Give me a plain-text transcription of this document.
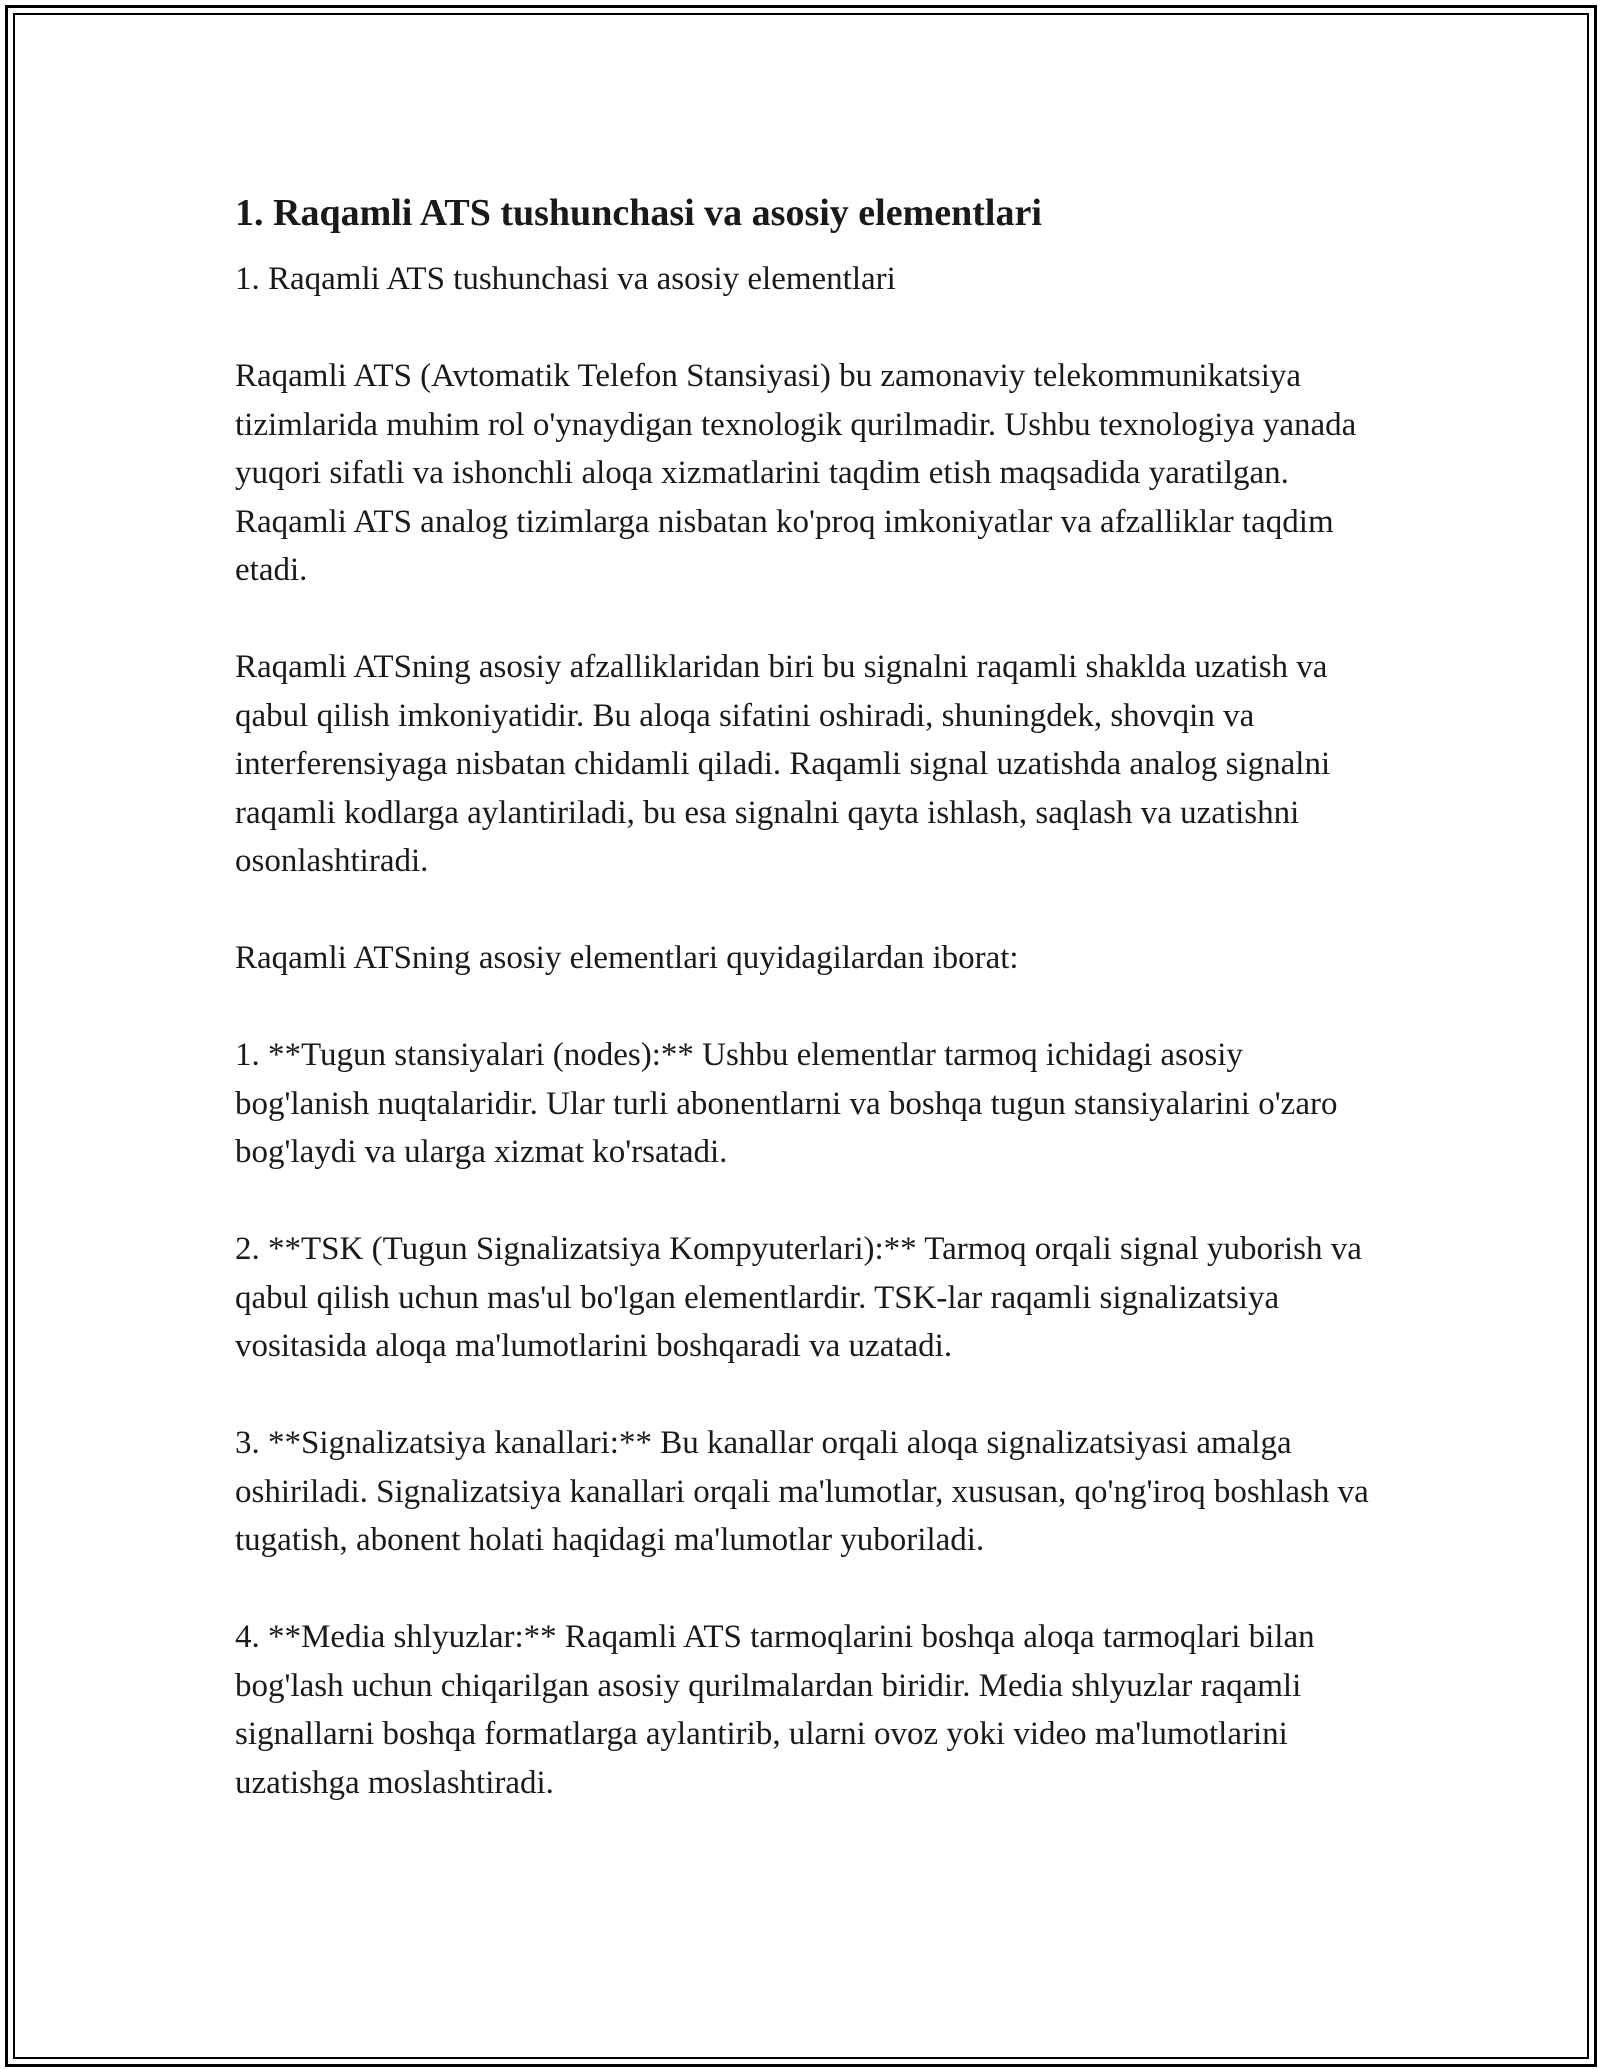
1. Raqamli ATS tushunchasi va asosiy elementlari

1. Raqamli ATS tushunchasi va asosiy elementlari

Raqamli ATS (Avtomatik Telefon Stansiyasi) bu zamonaviy telekommunikatsiya tizimlarida muhim rol o'ynaydigan texnologik qurilmadir. Ushbu texnologiya yanada yuqori sifatli va ishonchli aloqa xizmatlarini taqdim etish maqsadida yaratilgan. Raqamli ATS analog tizimlarga nisbatan ko'proq imkoniyatlar va afzalliklar taqdim etadi.

Raqamli ATSning asosiy afzalliklaridan biri bu signalni raqamli shaklda uzatish va qabul qilish imkoniyatidir. Bu aloqa sifatini oshiradi, shuningdek, shovqin va interferensiyaga nisbatan chidamli qiladi. Raqamli signal uzatishda analog signalni raqamli kodlarga aylantiriladi, bu esa signalni qayta ishlash, saqlash va uzatishni osonlashtiradi.

Raqamli ATSning asosiy elementlari quyidagilardan iborat:

1. **Tugun stansiyalari (nodes):** Ushbu elementlar tarmoq ichidagi asosiy bog'lanish nuqtalaridir. Ular turli abonentlarni va boshqa tugun stansiyalarini o'zaro bog'laydi va ularga xizmat ko'rsatadi.

2. **TSK (Tugun Signalizatsiya Kompyuterlari):** Tarmoq orqali signal yuborish va qabul qilish uchun mas'ul bo'lgan elementlardir. TSK-lar raqamli signalizatsiya vositasida aloqa ma'lumotlarini boshqaradi va uzatadi.

3. **Signalizatsiya kanallari:** Bu kanallar orqali aloqa signalizatsiyasi amalga oshiriladi. Signalizatsiya kanallari orqali ma'lumotlar, xususan, qo'ng'iroq boshlash va tugatish, abonent holati haqidagi ma'lumotlar yuboriladi.

4. **Media shlyuzlar:** Raqamli ATS tarmoqlarini boshqa aloqa tarmoqlari bilan bog'lash uchun chiqarilgan asosiy qurilmalardan biridir. Media shlyuzlar raqamli signallarni boshqa formatlarga aylantirib, ularni ovoz yoki video ma'lumotlarini uzatishga moslashtiradi.
